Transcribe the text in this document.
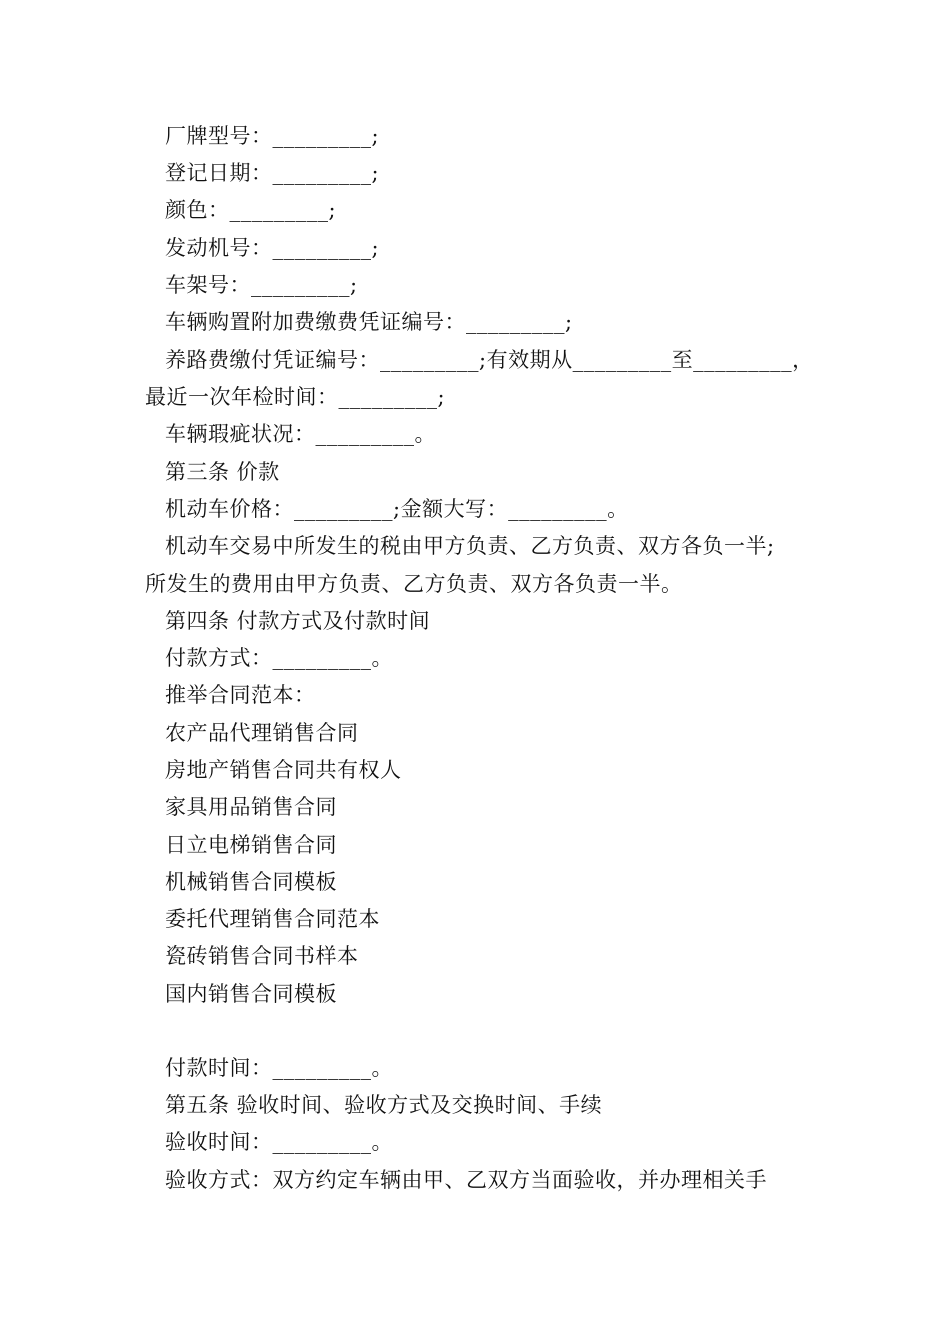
厂牌型号：_________;
登记日期：_________;
颜色：_________;
发动机号：_________;
车架号：_________;
车辆购置附加费缴费凭证编号：_________;
养路费缴付凭证编号：_________;有效期从_________至_________，
最近一次年检时间：_________;
车辆瑕疵状况：_________。
第三条 价款
机动车价格：_________;金额大写：_________。
机动车交易中所发生的税由甲方负责、乙方负责、双方各负一半;
所发生的费用由甲方负责、乙方负责、双方各负责一半。
第四条 付款方式及付款时间
付款方式：_________。
推举合同范本：
农产品代理销售合同
房地产销售合同共有权人
家具用品销售合同
日立电梯销售合同
机械销售合同模板
委托代理销售合同范本
瓷砖销售合同书样本
国内销售合同模板
付款时间：_________。
第五条 验收时间、验收方式及交换时间、手续
验收时间：_________。
验收方式：双方约定车辆由甲、乙双方当面验收，并办理相关手
